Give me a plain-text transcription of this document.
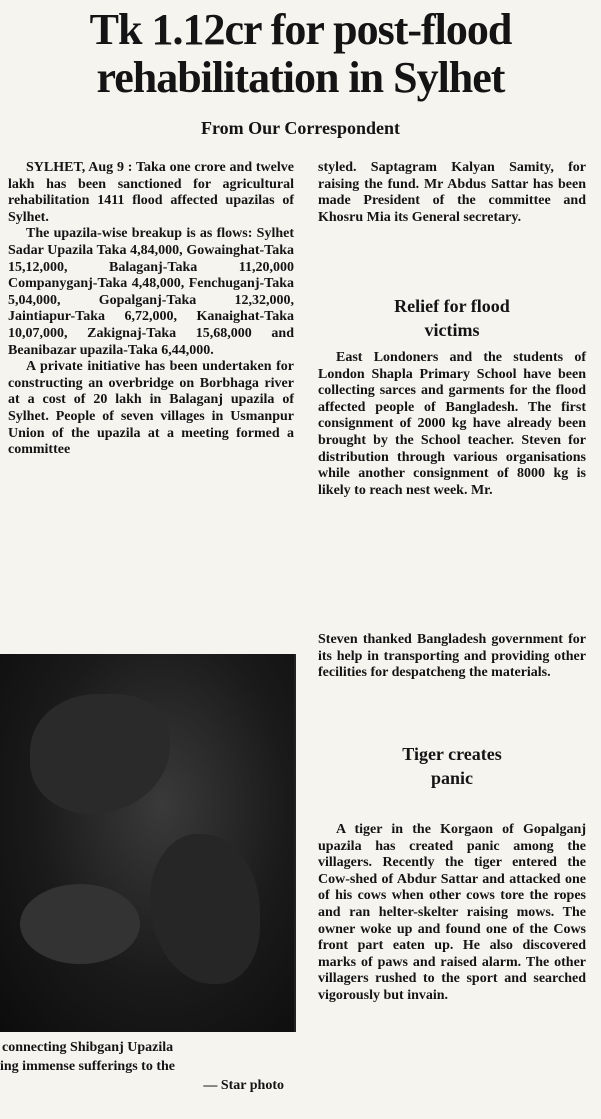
Tk 1.12cr for post-flood
rehabilitation in Sylhet
From Our Correspondent

SYLHET, Aug 9 : Taka one crore and twelve lakh has been sanctioned for agricultural rehabilitation 1411 flood affected upazilas of Sylhet.

The upazila-wise breakup is as flows: Sylhet Sadar Upazila Taka 4,84,000, Gowainghat-Taka 15,12,000, Balaganj-Taka 11,20,000 Companyganj-Taka 4,48,000, Fenchuganj-Taka 5,04,000, Gopalganj-Taka 12,32,000, Jaintiapur-Taka 6,72,000, Kanaighat-Taka 10,07,000, Zakignaj-Taka 15,68,000 and Beanibazar upazila-Taka 6,44,000.

A private initiative has been undertaken for constructing an overbridge on Borbhaga river at a cost of 20 lakh in Balaganj upazila of Sylhet. People of seven villages in Usmanpur Union of the upazila at a meeting formed a committee

styled. Saptagram Kalyan Samity, for raising the fund. Mr Abdus Sattar has been made President of the committee and Khosru Mia its General secretary.

Relief for flood
victims

East Londoners and the students of London Shapla Primary School have been collecting sarces and garments for the flood affected people of Bangladesh. The first consignment of 2000 kg have already been brought by the School teacher. Steven for distribution through various organisations while another consignment of 8000 kg is likely to reach nest week. Mr.

Steven thanked Bangladesh government for its help in transporting and providing other fecilities for despatcheng the materials.

Tiger creates
panic

A tiger in the Korgaon of Gopalganj upazila has created panic among the villagers. Recently the tiger entered the Cow-shed of Abdur Sattar and attacked one of his cows when other cows tore the ropes and ran helter-skelter raising mows. The owner woke up and found one of the Cows front part eaten up. He also discovered marks of paws and raised alarm. The other villagers rushed to the sport and searched vigorously but invain.

connecting Shibganj Upazila
ing immense sufferings to the
— Star photo
